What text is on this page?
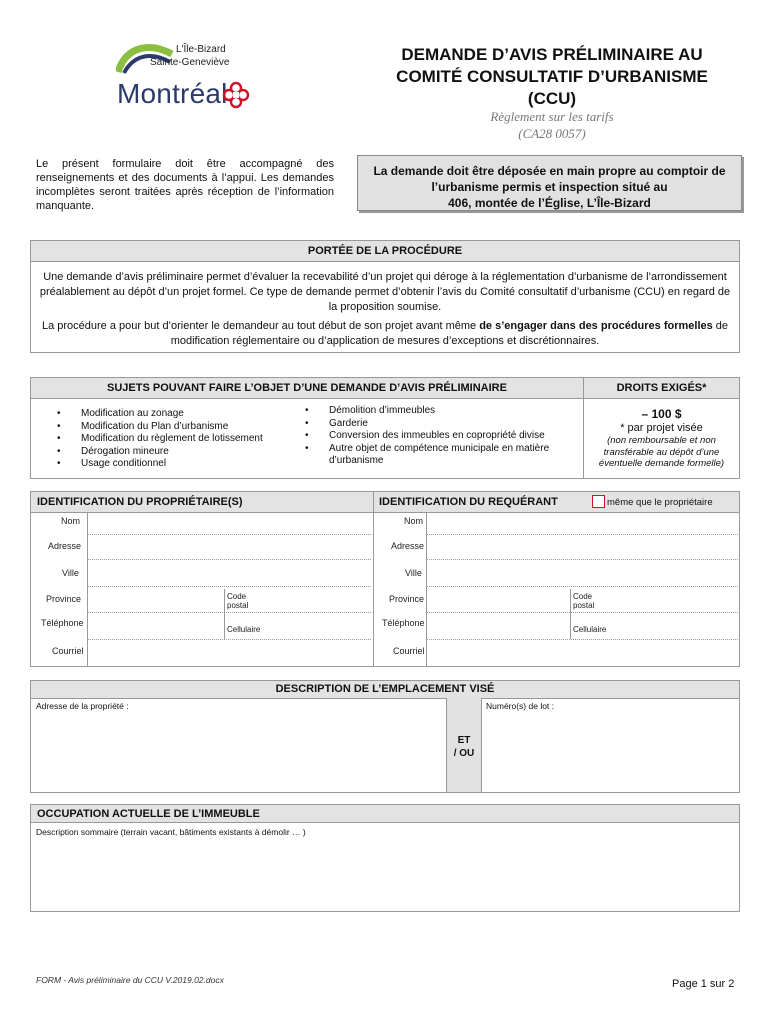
L'Île-Bizard
Sainte-Geneviève
Montréal
DEMANDE D’AVIS PRÉLIMINAIRE AU
COMITÉ CONSULTATIF D’URBANISME
(CCU)
Règlement sur les tarifs
(CA28 0057)
Le présent formulaire doit être accompagné des renseignements et des documents à l’appui. Les demandes incomplètes seront traitées après réception de l’information manquante.
La demande doit être déposée en main propre au comptoir de
l’urbanisme permis et inspection situé au
406, montée de l’Église, L’Île-Bizard
PORTÉE DE LA PROCÉDURE
Une demande d’avis préliminaire permet d’évaluer la recevabilité d’un projet qui déroge à la réglementation d’urbanisme de l’arrondissement préalablement au dépôt d’un projet formel. Ce type de demande permet d’obtenir l’avis du Comité consultatif d’urbanisme (CCU) en regard de la proposition soumise.
La procédure a pour but d’orienter le demandeur au tout début de son projet avant même de s’engager dans des procédures formelles de modification réglementaire ou d’application de mesures d’exceptions et discrétionnaires.
SUJETS POUVANT FAIRE L’OBJET D’UNE DEMANDE D’AVIS PRÉLIMINAIRE	DROITS EXIGÉS*
• Modification au zonage
• Modification du Plan d’urbanisme
• Modification du règlement de lotissement
• Dérogation mineure
• Usage conditionnel
• Démolition d’immeubles
• Garderie
• Conversion des immeubles en copropriété divise
• Autre objet de compétence municipale en matière d’urbanisme
– 100 $
* par projet visée
(non remboursable et non transférable au dépôt d’une éventuelle demande formelle)
IDENTIFICATION DU PROPRIÉTAIRE(S)	IDENTIFICATION DU REQUÉRANT	même que le propriétaire
Nom
Adresse
Ville
Province	Code postal
Téléphone
Cellulaire
Courriel
Nom
Adresse
Ville
Province	Code postal
Téléphone
Cellulaire
Courriel
DESCRIPTION DE L’EMPLACEMENT VISÉ
Adresse de la propriété :
ET
/ OU
Numéro(s) de lot :
OCCUPATION ACTUELLE DE L’IMMEUBLE
Description sommaire (terrain vacant, bâtiments existants à démolir … )
FORM - Avis préliminaire du CCU V.2019.02.docx	Page 1 sur 2
